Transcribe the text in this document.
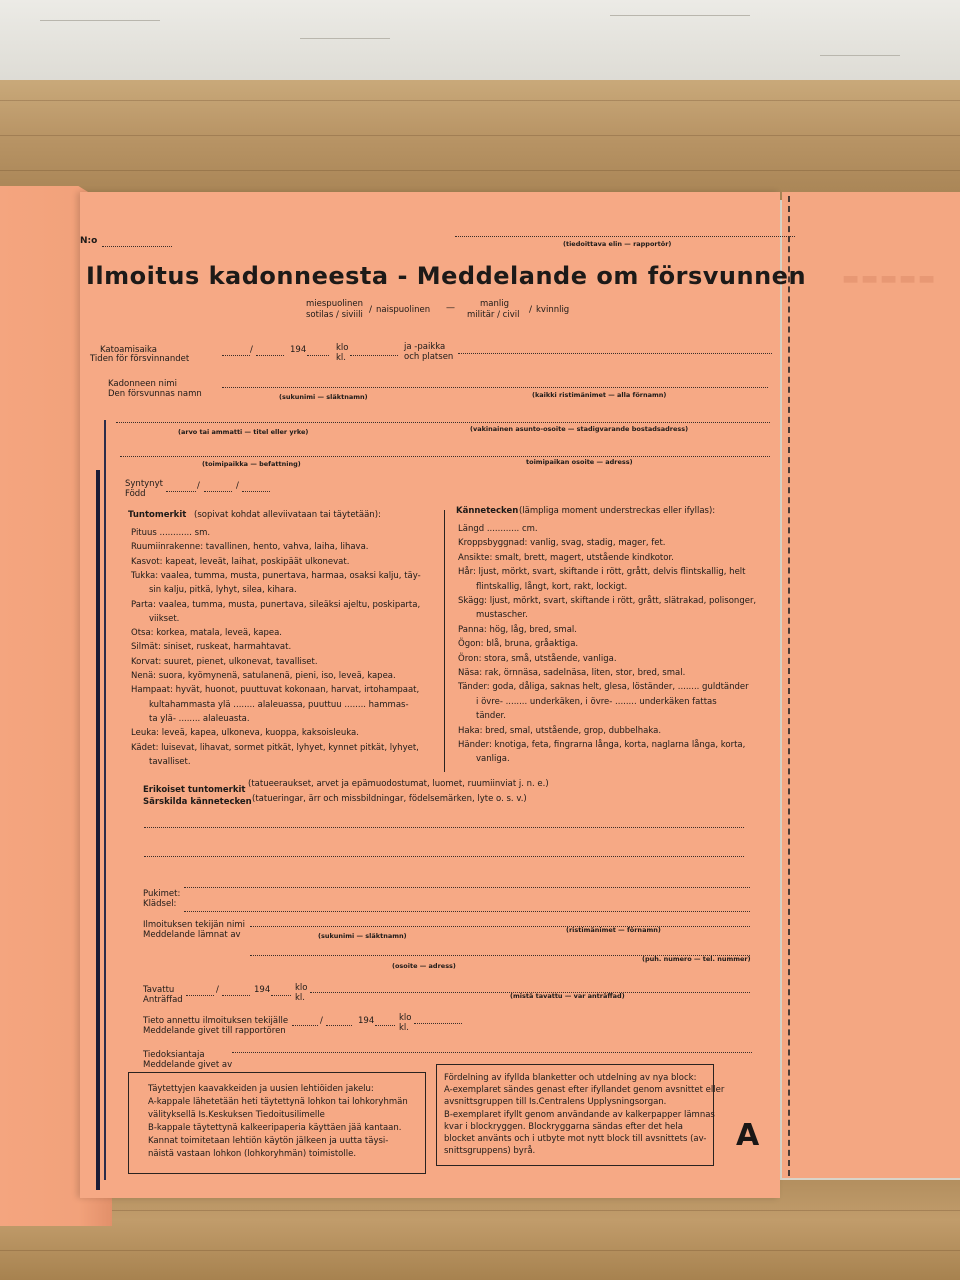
▬▬▬▬▬
N:o	(tiedoittava elin — rapportör)
Ilmoitus kadonneesta - Meddelande om försvunnen
miespuolinen
sotilas / siviili / naispuolinen —	manlig
militär / civil / kvinnlig
Katoamisaika
Tiden för försvinnandet
/	194	klo
kl.
ja -paikka
och platsen
Kadonneen nimi
Den försvunnas namn	(sukunimi — släktnamn)	(kaikki ristimänimet — alla förnamn)
(arvo tai ammatti — titel eller yrke)	(vakinainen asunto-osoite — stadigvarande bostadsadress)
(toimipaikka — befattning)	toimipaikan osoite — adress)
Syntynyt
Född
/	/
Tuntomerkit (sopivat kohdat alleviivataan tai täytetään):
Pituus ............ sm.
Ruumiinrakenne: tavallinen, hento, vahva, laiha, lihava.
Kasvot: kapeat, leveät, laihat, poskipäät ulkonevat.
Tukka: vaalea, tumma, musta, punertava, harmaa, osaksi kalju, täy-
sin kalju, pitkä, lyhyt, silea, kihara.
Parta: vaalea, tumma, musta, punertava, sileäksi ajeltu, poskiparta,
viikset.
Otsa: korkea, matala, leveä, kapea.
Silmät: siniset, ruskeat, harmahtavat.
Korvat: suuret, pienet, ulkonevat, tavalliset.
Nenä: suora, kyömynenä, satulanenä, pieni, iso, leveä, kapea.
Hampaat: hyvät, huonot, puuttuvat kokonaan, harvat, irtohampaat,
kultahammasta ylä ........ alaleuassa, puuttuu ........ hammas-
ta ylä- ........ alaleuasta.
Leuka: leveä, kapea, ulkoneva, kuoppa, kaksoisleuka.
Kädet: luisevat, lihavat, sormet pitkät, lyhyet, kynnet pitkät, lyhyet,
tavalliset.
Kännetecken (lämpliga moment understreckas eller ifyllas):
Längd ............ cm.
Kroppsbyggnad: vanlig, svag, stadig, mager, fet.
Ansikte: smalt, brett, magert, utstående kindkotor.
Hår: ljust, mörkt, svart, skiftande i rött, grått, delvis flintskallig, helt
flintskallig, långt, kort, rakt, lockigt.
Skägg: ljust, mörkt, svart, skiftande i rött, grått, slätrakad, polisonger,
mustascher.
Panna: hög, låg, bred, smal.
Ögon: blå, bruna, gråaktiga.
Öron: stora, små, utstående, vanliga.
Näsa: rak, örnnäsa, sadelnäsa, liten, stor, bred, smal.
Tänder: goda, dåliga, saknas helt, glesa, löständer, ........ guldtänder
i övre- ........ underkäken, i övre- ........ underkäken fattas
tänder.
Haka: bred, smal, utstående, grop, dubbelhaka.
Händer: knotiga, feta, fingrarna långa, korta, naglarna långa, korta,
vanliga.
Erikoiset tuntomerkit
(tatueeraukset, arvet ja epämuodostumat, luomet, ruumiinviat j. n. e.)
Särskilda kännetecken (tatueringar, ärr och missbildningar, födelsemärken, lyte o. s. v.)
Pukimet:
Klädsel:
Ilmoituksen tekijän nimi
Meddelande lämnat av	(sukunimi — släktnamn)
(ristimänimet — förnamn)
(osoite — adress)
(puh. numero — tel. nummer)
Tavattu
Anträffad
/	194	klo
kl.	(mistä tavattu — var anträffad)
Tieto annettu ilmoituksen tekijälle
Meddelande givet till rapportören
/	194	klo
kl.
Tiedoksiantaja
Meddelande givet av
Täytettyjen kaavakkeiden ja uusien lehtiöiden jakelu:
A-kappale lähetetään heti täytettynä lohkon tai lohkoryhmän
välityksellä Is.Keskuksen Tiedoitusilimelle
B-kappale täytettynä kalkeeripaperia käyttäen jää kantaan.
Kannat toimitetaan lehtiön käytön jälkeen ja uutta täysi-
näistä vastaan lohkon (lohkoryhmän) toimistolle.
Fördelning av ifyllda blanketter och utdelning av nya block:
A-exemplaret sändes genast efter ifyllandet genom avsnittet eller
avsnittsgruppen till Is.Centralens Upplysningsorgan.
B-exemplaret ifyllt genom användande av kalkerpapper lämnas
kvar i blockryggen. Blockryggarna sändas efter det hela
blocket använts och i utbyte mot nytt block till avsnittets (av-
snittsgruppens) byrå.	A
